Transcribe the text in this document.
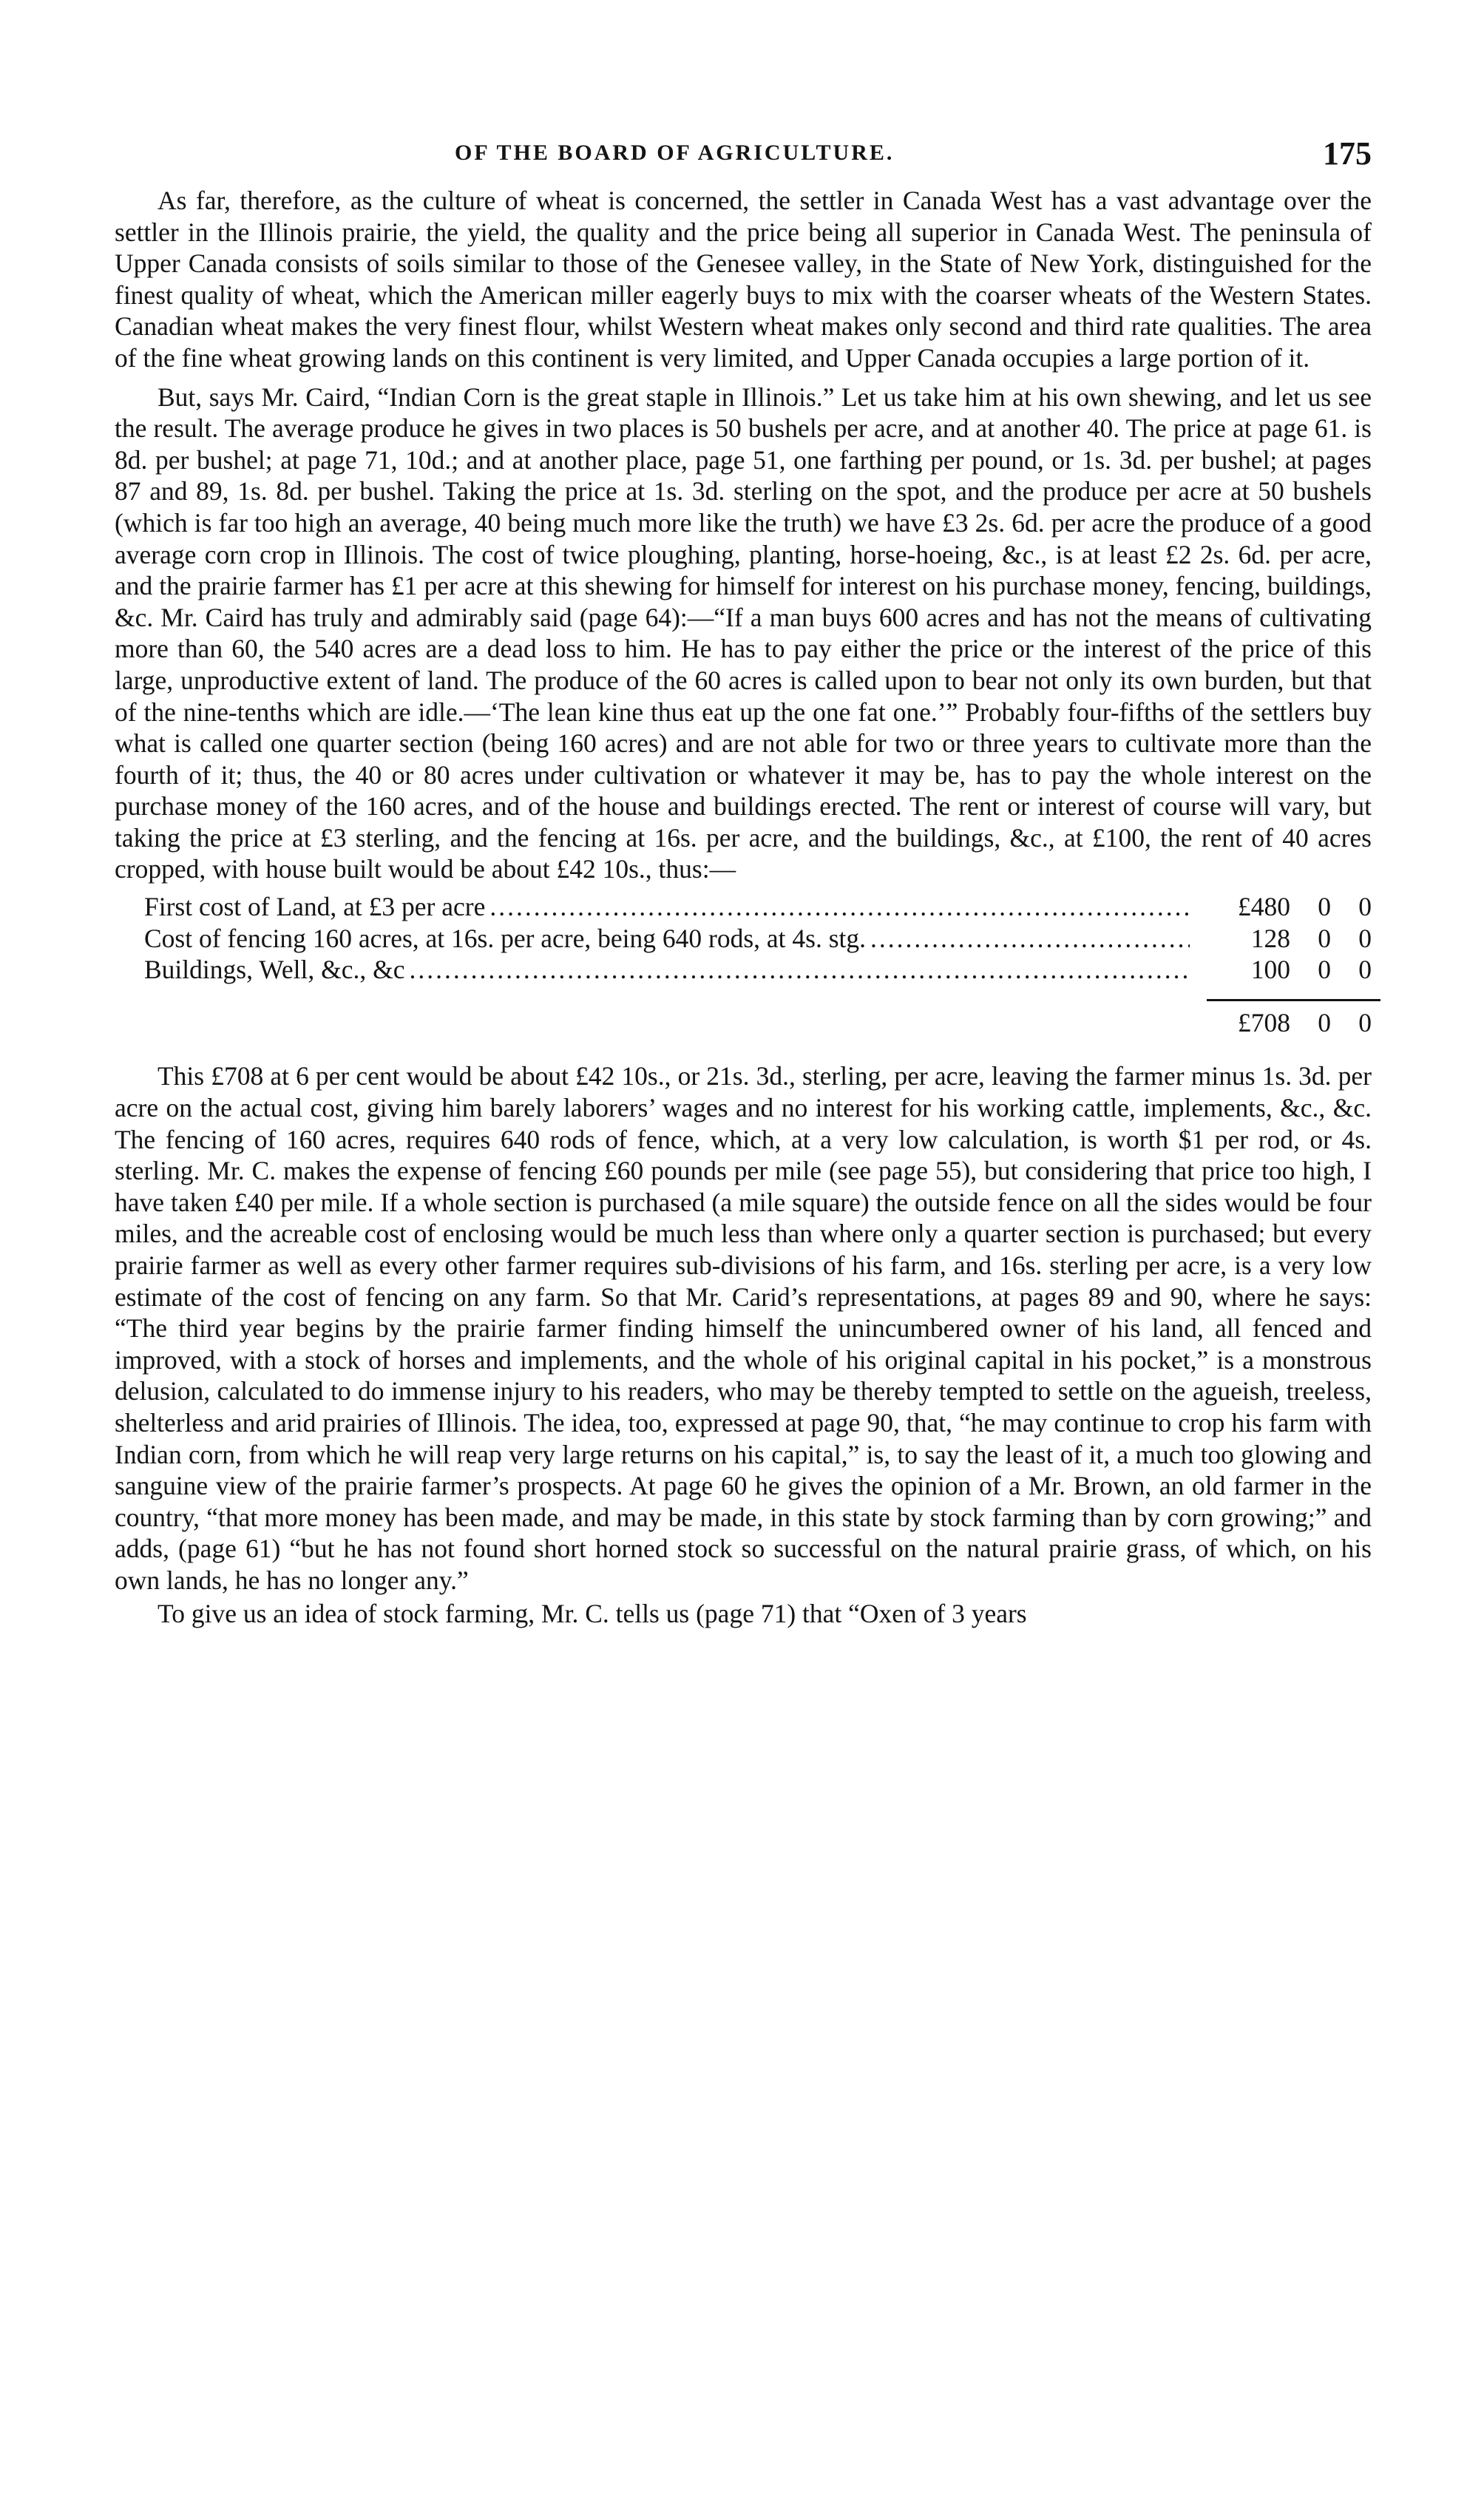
OF THE BOARD OF AGRICULTURE.	175

As far, therefore, as the culture of wheat is concerned, the settler in Canada West has a vast advantage over the settler in the Illinois prairie, the yield, the quality and the price being all superior in Canada West. The peninsula of Upper Canada consists of soils similar to those of the Genesee valley, in the State of New York, distinguished for the finest quality of wheat, which the American miller eagerly buys to mix with the coarser wheats of the Western States. Canadian wheat makes the very finest flour, whilst Western wheat makes only second and third rate qualities. The area of the fine wheat growing lands on this continent is very limited, and Upper Canada occupies a large portion of it.

But, says Mr. Caird, “Indian Corn is the great staple in Illinois.” Let us take him at his own shewing, and let us see the result. The average produce he gives in two places is 50 bushels per acre, and at another 40. The price at page 61. is 8d. per bushel; at page 71, 10d.; and at another place, page 51, one farthing per pound, or 1s. 3d. per bushel; at pages 87 and 89, 1s. 8d. per bushel. Taking the price at 1s. 3d. sterling on the spot, and the produce per acre at 50 bushels (which is far too high an average, 40 being much more like the truth) we have £3 2s. 6d. per acre the produce of a good average corn crop in Illinois. The cost of twice ploughing, planting, horse-hoeing, &c., is at least £2 2s. 6d. per acre, and the prairie farmer has £1 per acre at this shewing for himself for interest on his purchase money, fencing, buildings, &c. Mr. Caird has truly and admirably said (page 64):—“If a man buys 600 acres and has not the means of cultivating more than 60, the 540 acres are a dead loss to him. He has to pay either the price or the interest of the price of this large, unproductive extent of land. The produce of the 60 acres is called upon to bear not only its own burden, but that of the nine-tenths which are idle.—‘The lean kine thus eat up the one fat one.’” Probably four-fifths of the settlers buy what is called one quarter section (being 160 acres) and are not able for two or three years to cultivate more than the fourth of it; thus, the 40 or 80 acres under cultivation or whatever it may be, has to pay the whole interest on the purchase money of the 160 acres, and of the house and buildings erected. The rent or interest of course will vary, but taking the price at £3 sterling, and the fencing at 16s. per acre, and the buildings, &c., at £100, the rent of 40 acres cropped, with house built would be about £42 10s., thus:—

First cost of Land, at £3 per acre .....	£480	0	0
Cost of fencing 160 acres, at 16s. per acre, being 640 rods, at 4s. stg. .....	128	0	0
Buildings, Well, &c., &c .....	100	0	0
£708	0	0

This £708 at 6 per cent would be about £42 10s., or 21s. 3d., sterling, per acre, leaving the farmer minus 1s. 3d. per acre on the actual cost, giving him barely laborers’ wages and no interest for his working cattle, implements, &c., &c. The fencing of 160 acres, requires 640 rods of fence, which, at a very low calculation, is worth $1 per rod, or 4s. sterling. Mr. C. makes the expense of fencing £60 pounds per mile (see page 55), but considering that price too high, I have taken £40 per mile. If a whole section is purchased (a mile square) the outside fence on all the sides would be four miles, and the acreable cost of enclosing would be much less than where only a quarter section is purchased; but every prairie farmer as well as every other farmer requires sub-divisions of his farm, and 16s. sterling per acre, is a very low estimate of the cost of fencing on any farm. So that Mr. Carid’s representations, at pages 89 and 90, where he says: “The third year begins by the prairie farmer finding himself the unincumbered owner of his land, all fenced and improved, with a stock of horses and implements, and the whole of his original capital in his pocket,” is a monstrous delusion, calculated to do immense injury to his readers, who may be thereby tempted to settle on the agueish, treeless, shelterless and arid prairies of Illinois. The idea, too, expressed at page 90, that, “he may continue to crop his farm with Indian corn, from which he will reap very large returns on his capital,” is, to say the least of it, a much too glowing and sanguine view of the prairie farmer’s prospects. At page 60 he gives the opinion of a Mr. Brown, an old farmer in the country, “that more money has been made, and may be made, in this state by stock farming than by corn growing;” and adds, (page 61) “but he has not found short horned stock so successful on the natural prairie grass, of which, on his own lands, he has no longer any.”

To give us an idea of stock farming, Mr. C. tells us (page 71) that “Oxen of 3 years
